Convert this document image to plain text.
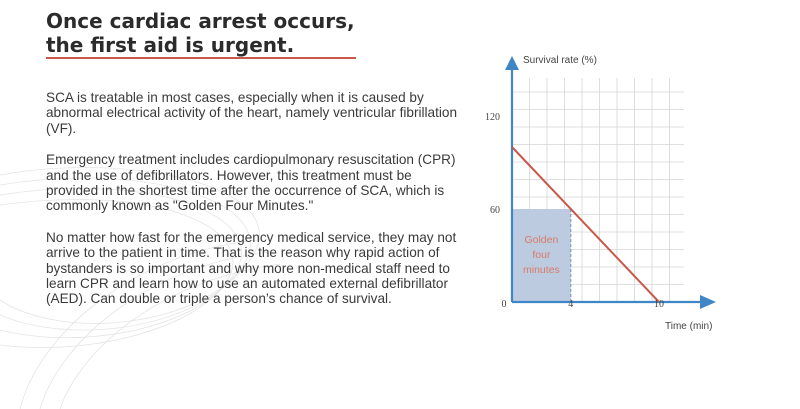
Once cardiac arrest occurs,
the first aid is urgent.

SCA is treatable in most cases, especially when it is caused by abnormal electrical activity of the heart, namely ventricular fibrillation (VF).

Emergency treatment includes cardiopulmonary resuscitation (CPR) and the use of defibrillators. However, this treatment must be provided in the shortest time after the occurrence of SCA, which is commonly known as "Golden Four Minutes."

No matter how fast for the emergency medical service, they may not arrive to the patient in time. That is the reason why rapid action of bystanders is so important and why more non-medical staff need to learn CPR and learn how to use an automated external defibrillator (AED). Can double or triple a person’s chance of survival.

Golden four minutes
Survival rate (%)
Time (min)
0	4	10
60
120
